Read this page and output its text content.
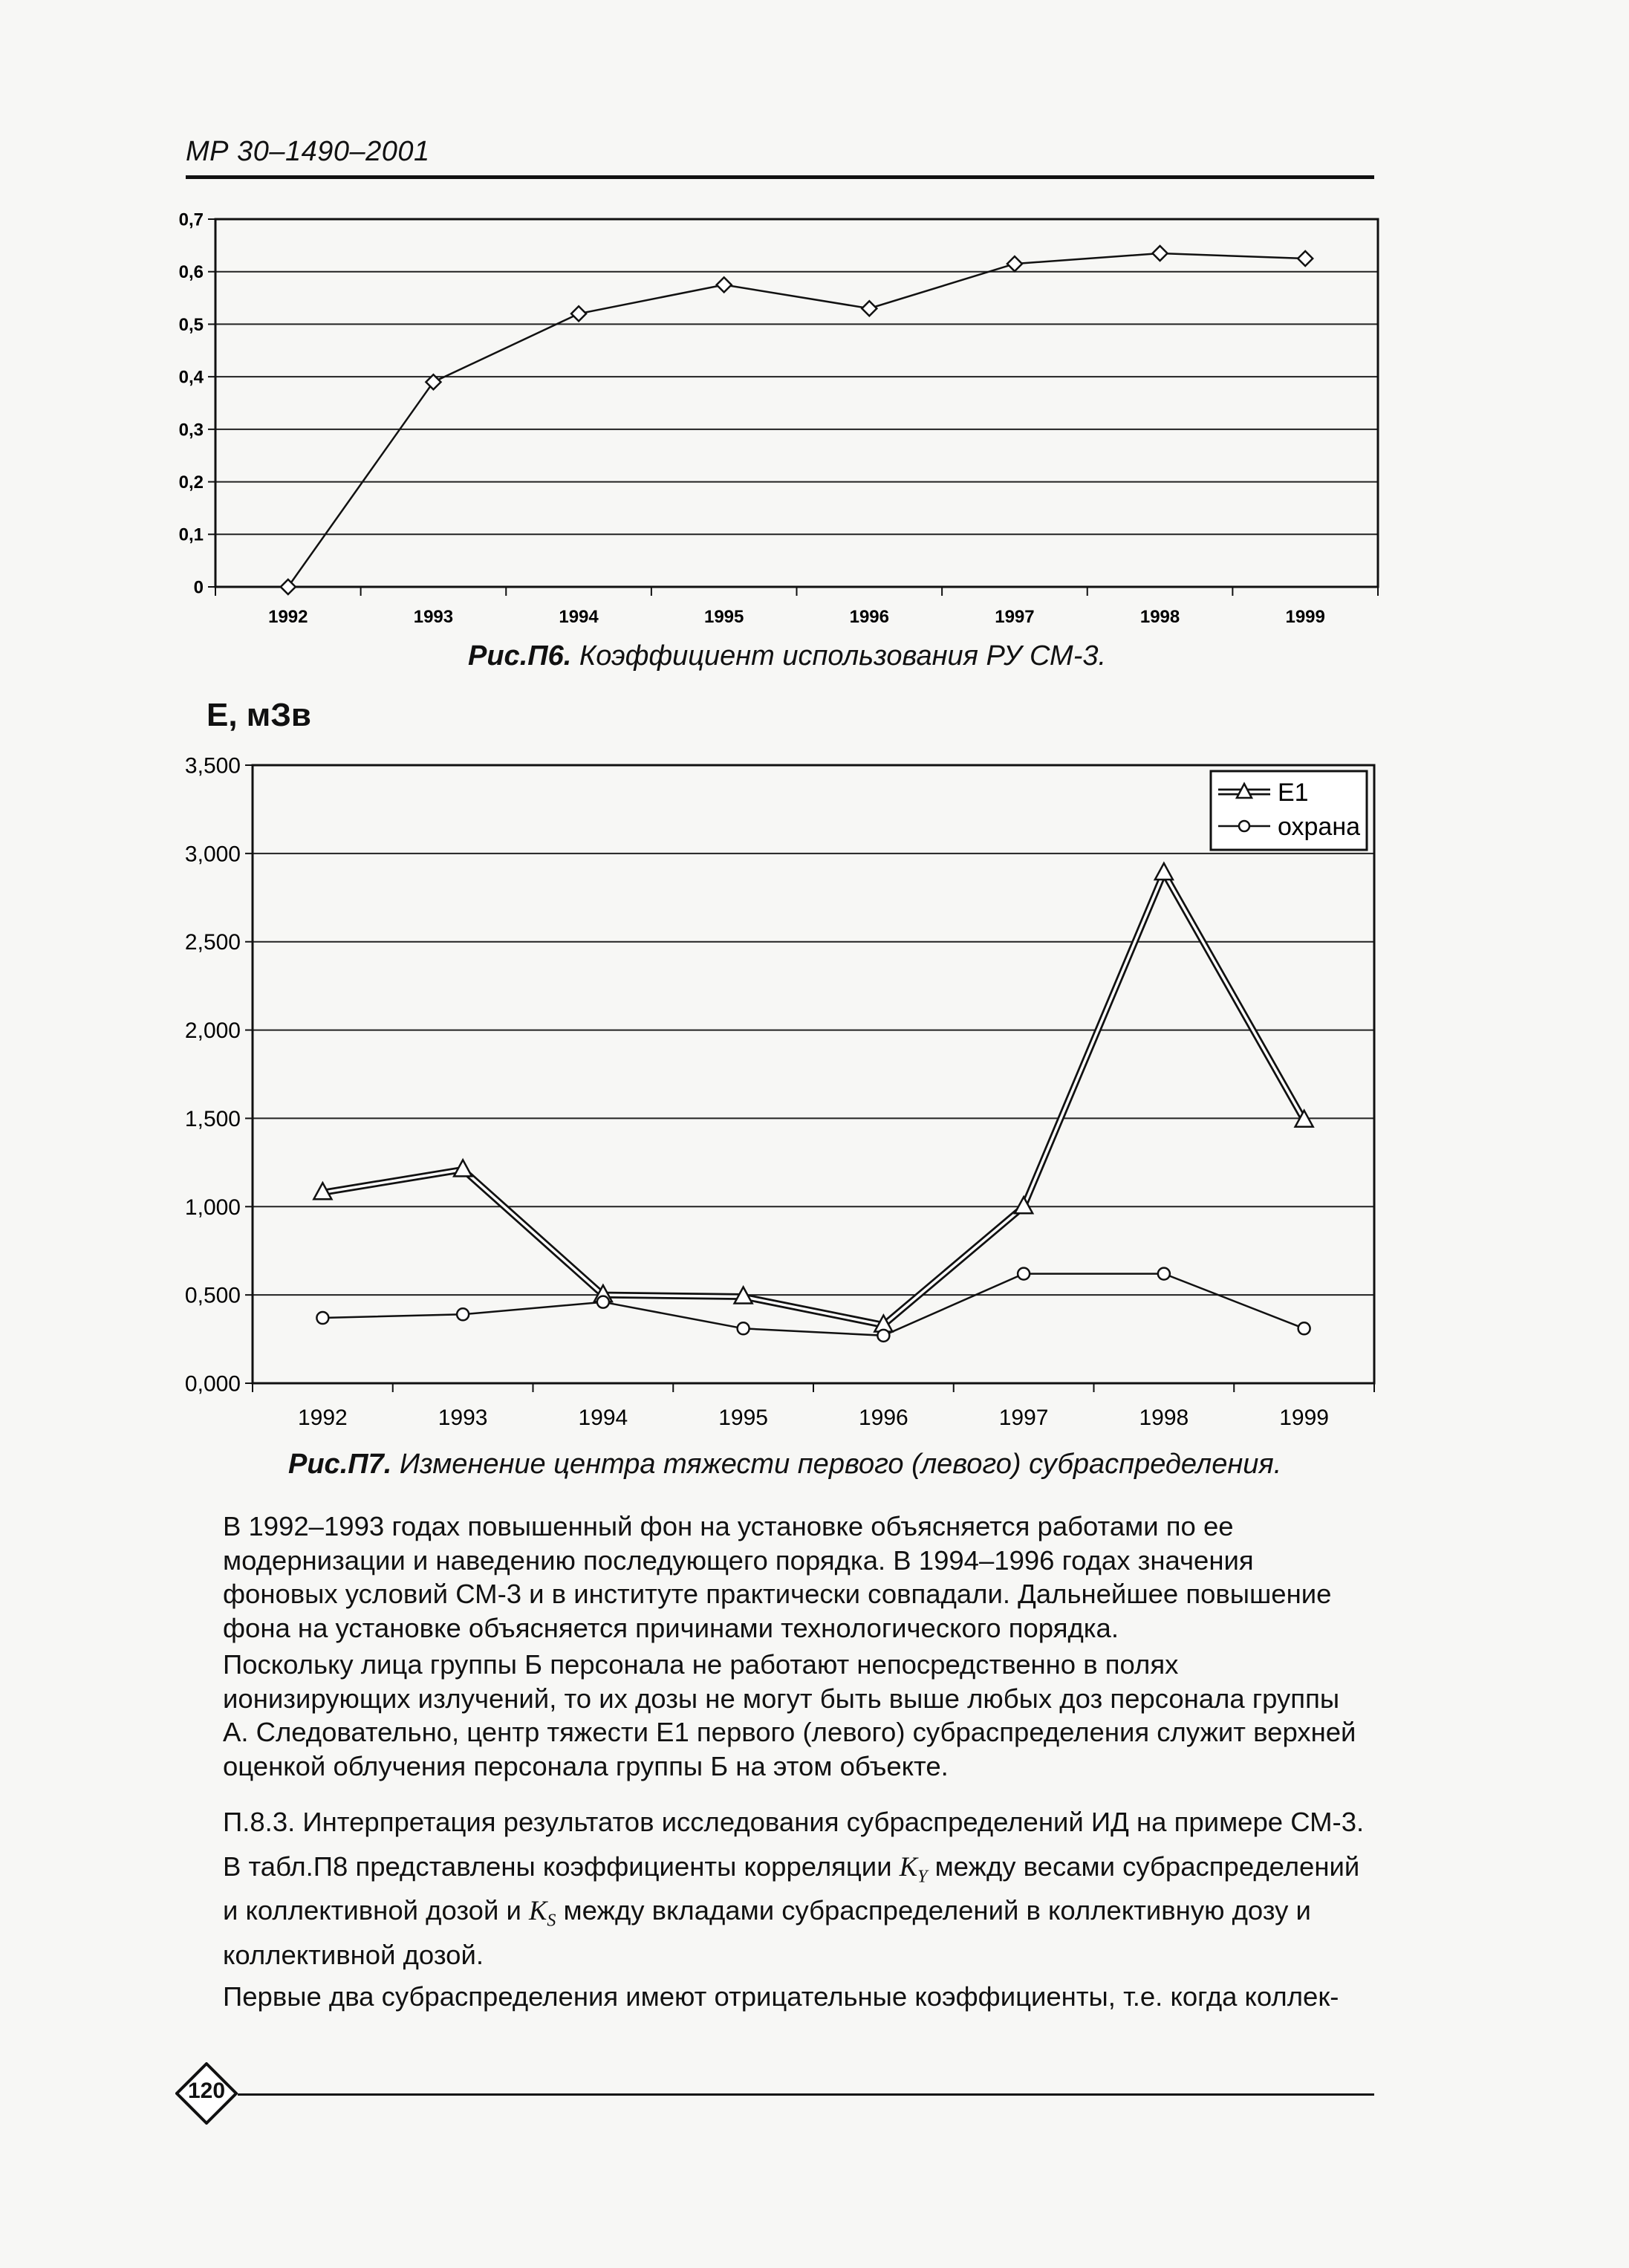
МР 30–1490–2001
0
0,1
0,2
0,3
0,4
0,5
0,6
0,7
1992	1993	1994	1995	1996	1997	1998	1999
Рис.П6. Коэффициент использования РУ СМ-3.
Е, мЗв
0,000
0,500
1,000
1,500
2,000
2,500
3,000
3,500
1992	1993	1994	1995	1996	1997	1998	1999
Е1
охрана
Рис.П7. Изменение центра тяжести первого (левого) субраспределения.

В 1992–1993 годах повышенный фон на установке объясняется работами по ее модернизации и наведению последующего порядка. В 1994–1996 годах значения фоновых условий СМ-3 и в институте практически совпадали. Дальнейшее повышение фона на установке объясняется причинами технологического порядка.

Поскольку лица группы Б персонала не работают непосредственно в полях ионизирующих излучений, то их дозы не могут быть выше любых доз персонала группы А. Следовательно, центр тяжести Е1 первого (левого) субраспределения служит верхней оценкой облучения персонала группы Б на этом объекте.

П.8.3. Интерпретация результатов исследования субраспределений ИД на примере СМ-3.

В табл.П8 представлены коэффициенты корреляции $K_Y$ между весами субраспределений и коллективной дозой и $K_S$ между вкладами субраспределений в коллективную дозу и коллективной дозой.

Первые два субраспределения имеют отрицательные коэффициенты, т.е. когда коллек-

120
